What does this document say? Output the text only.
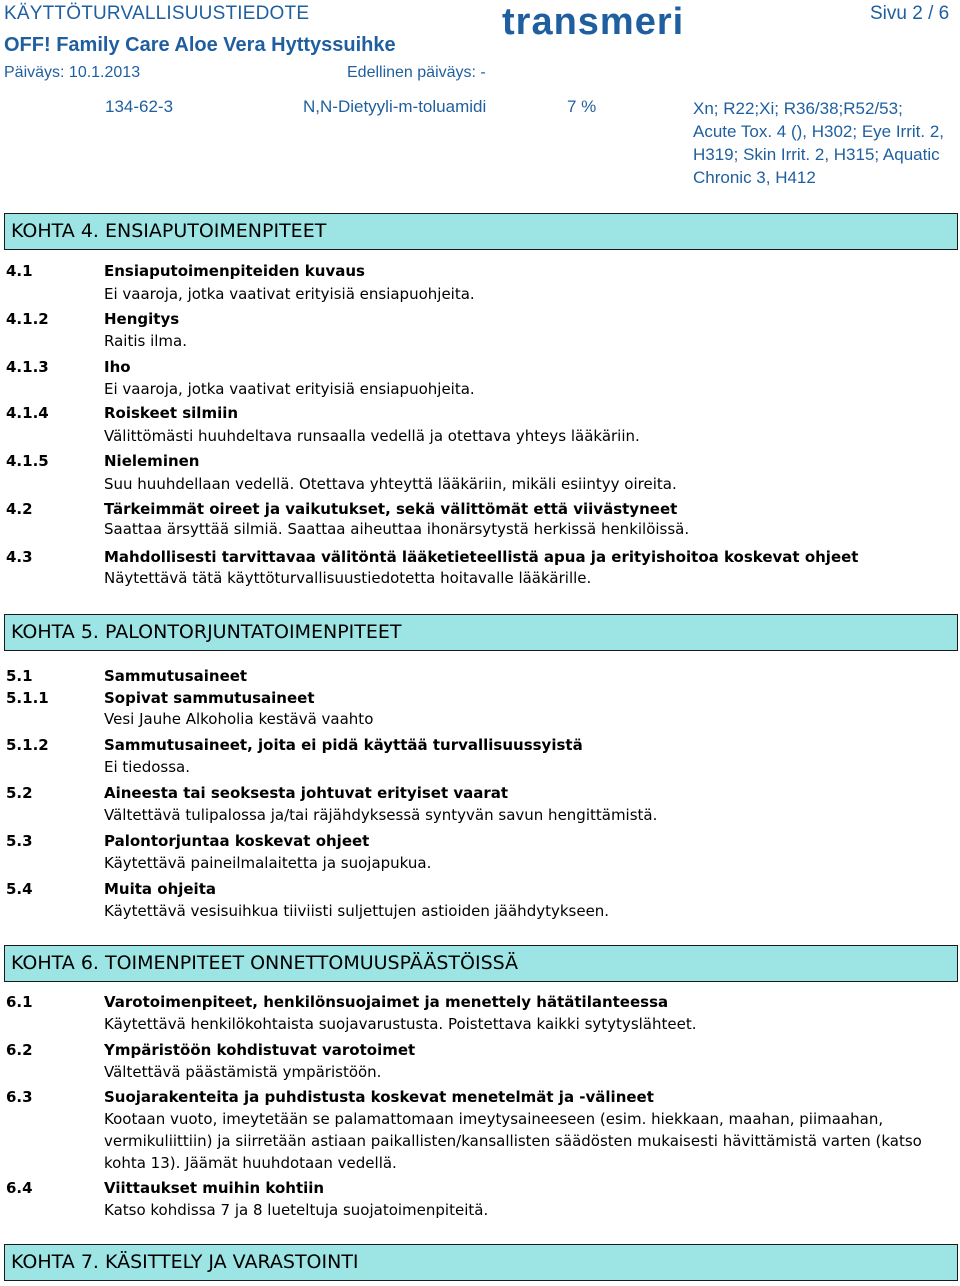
KÄYTTÖTURVALLISUUSTIEDOTE
OFF! Family Care Aloe Vera Hyttyssuihke
Päiväys: 10.1.2013	Edellinen päiväys: -
transmeri	Sivu 2 / 6
134-62-3	N,N-Dietyyli-m-toluamidi	7 %	Xn; R22;Xi; R36/38;R52/53;
Acute Tox. 4 (), H302; Eye Irrit. 2,
H319; Skin Irrit. 2, H315; Aquatic
Chronic 3, H412
KOHTA 4. ENSIAPUTOIMENPITEET
4.1	Ensiaputoimenpiteiden kuvaus
Ei vaaroja, jotka vaativat erityisiä ensiapuohjeita.
4.1.2	Hengitys
Raitis ilma.
4.1.3	Iho
Ei vaaroja, jotka vaativat erityisiä ensiapuohjeita.
4.1.4	Roiskeet silmiin
Välittömästi huuhdeltava runsaalla vedellä ja otettava yhteys lääkäriin.
4.1.5	Nieleminen
Suu huuhdellaan vedellä. Otettava yhteyttä lääkäriin, mikäli esiintyy oireita.
4.2	Tärkeimmät oireet ja vaikutukset, sekä välittömät että viivästyneet
Saattaa ärsyttää silmiä. Saattaa aiheuttaa ihonärsytystä herkissä henkilöissä.
4.3	Mahdollisesti tarvittavaa välitöntä lääketieteellistä apua ja erityishoitoa koskevat ohjeet
Näytettävä tätä käyttöturvallisuustiedotetta hoitavalle lääkärille.
KOHTA 5. PALONTORJUNTATOIMENPITEET
5.1	Sammutusaineet
5.1.1	Sopivat sammutusaineet
Vesi Jauhe Alkoholia kestävä vaahto
5.1.2	Sammutusaineet, joita ei pidä käyttää turvallisuussyistä
Ei tiedossa.
5.2	Aineesta tai seoksesta johtuvat erityiset vaarat
Vältettävä tulipalossa ja/tai räjähdyksessä syntyvän savun hengittämistä.
5.3	Palontorjuntaa koskevat ohjeet
Käytettävä paineilmalaitetta ja suojapukua.
5.4	Muita ohjeita
Käytettävä vesisuihkua tiiviisti suljettujen astioiden jäähdytykseen.
KOHTA 6. TOIMENPITEET ONNETTOMUUSPÄÄSTÖISSÄ
6.1	Varotoimenpiteet, henkilönsuojaimet ja menettely hätätilanteessa
Käytettävä henkilökohtaista suojavarustusta. Poistettava kaikki sytytyslähteet.
6.2	Ympäristöön kohdistuvat varotoimet
Vältettävä päästämistä ympäristöön.
6.3	Suojarakenteita ja puhdistusta koskevat menetelmät ja -välineet
Kootaan vuoto, imeytetään se palamattomaan imeytysaineeseen (esim. hiekkaan, maahan, piimaahan,
vermikuliittiin) ja siirretään astiaan paikallisten/kansallisten säädösten mukaisesti hävittämistä varten (katso
kohta 13). Jäämät huuhdotaan vedellä.
6.4	Viittaukset muihin kohtiin
Katso kohdissa 7 ja 8 lueteltuja suojatoimenpiteitä.
KOHTA 7. KÄSITTELY JA VARASTOINTI
